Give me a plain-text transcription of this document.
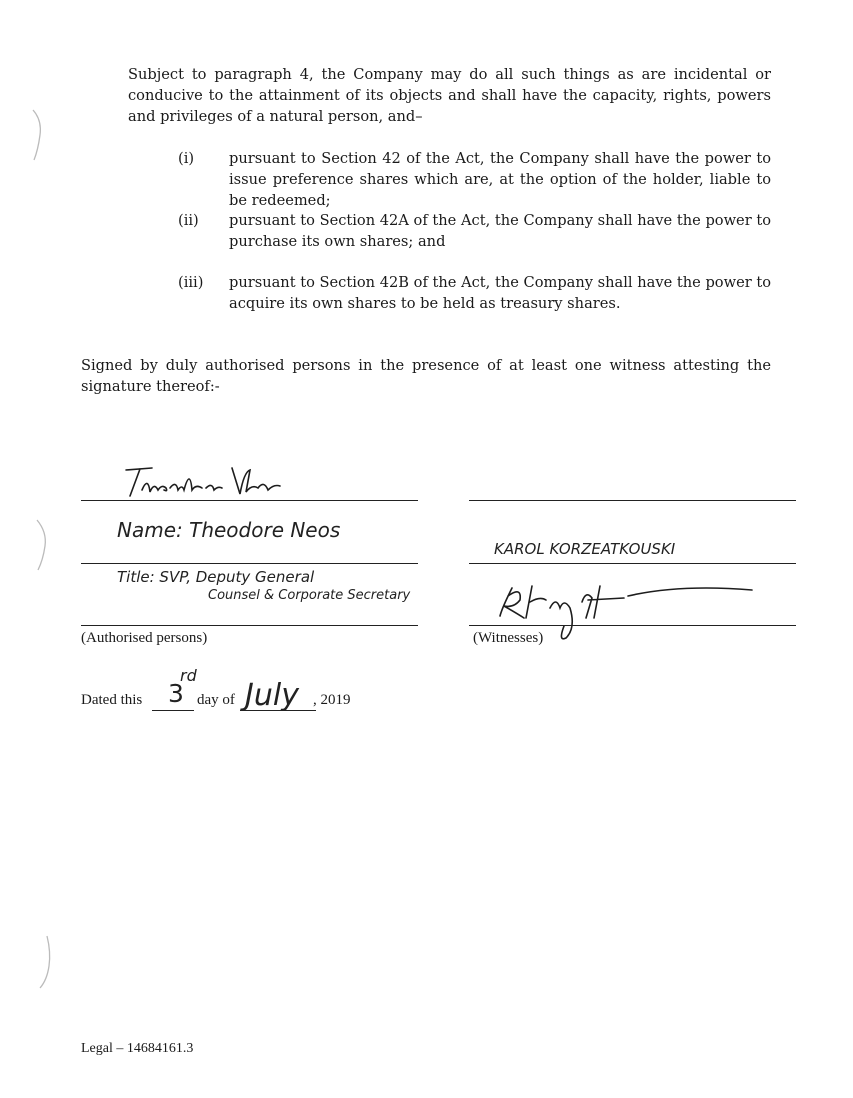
Subject to paragraph 4, the Company may do all such things as are incidental or conducive to the attainment of its objects and shall have the capacity, rights, powers and privileges of a natural person, and–
(i) pursuant to Section 42 of the Act, the Company shall have the power to issue preference shares which are, at the option of the holder, liable to be redeemed;
(ii) pursuant to Section 42A of the Act, the Company shall have the power to purchase its own shares; and
(iii) pursuant to Section 42B of the Act, the Company shall have the power to acquire its own shares to be held as treasury shares.
Signed by duly authorised persons in the presence of at least one witness attesting the signature thereof:-
Name: Theodore Neos
Title: SVP, Deputy General
Counsel & Corporate Secretary
(Authorised persons)
KAROL KORZEATKOUSKI
(Witnesses)
Dated this 3
rd
day of July , 2019
Legal – 14684161.3
